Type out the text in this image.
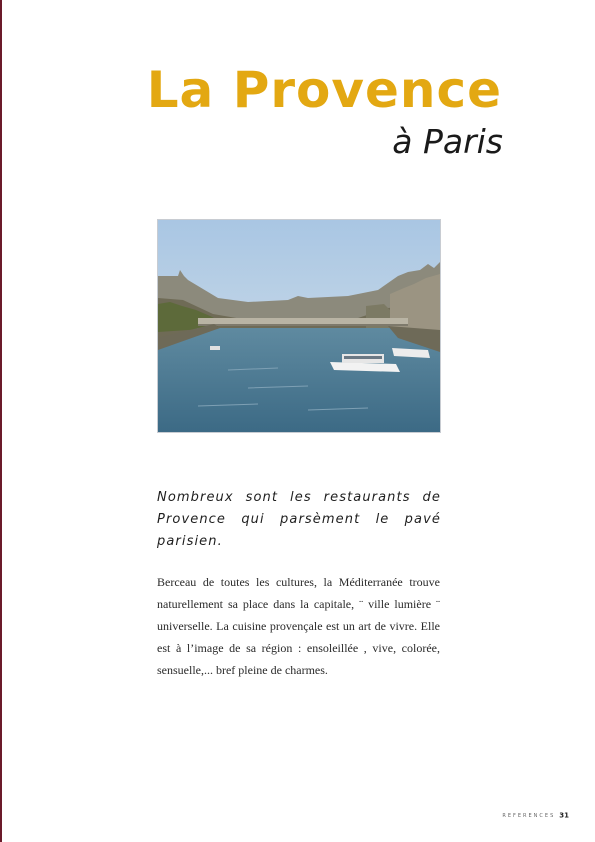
La Provence
à Paris
Nombreux sont les restaurants de Provence qui parsèment le pavé parisien.
Berceau de toutes les cultures, la Méditerranée trouve naturellement sa place dans la capitale, ¨ ville lumière ¨ universelle. La cuisine provençale est un art de vivre. Elle est à l’image de sa région : ensoleillée , vive, colorée, sensuelle,... bref pleine de charmes.
REFERENCES 31
